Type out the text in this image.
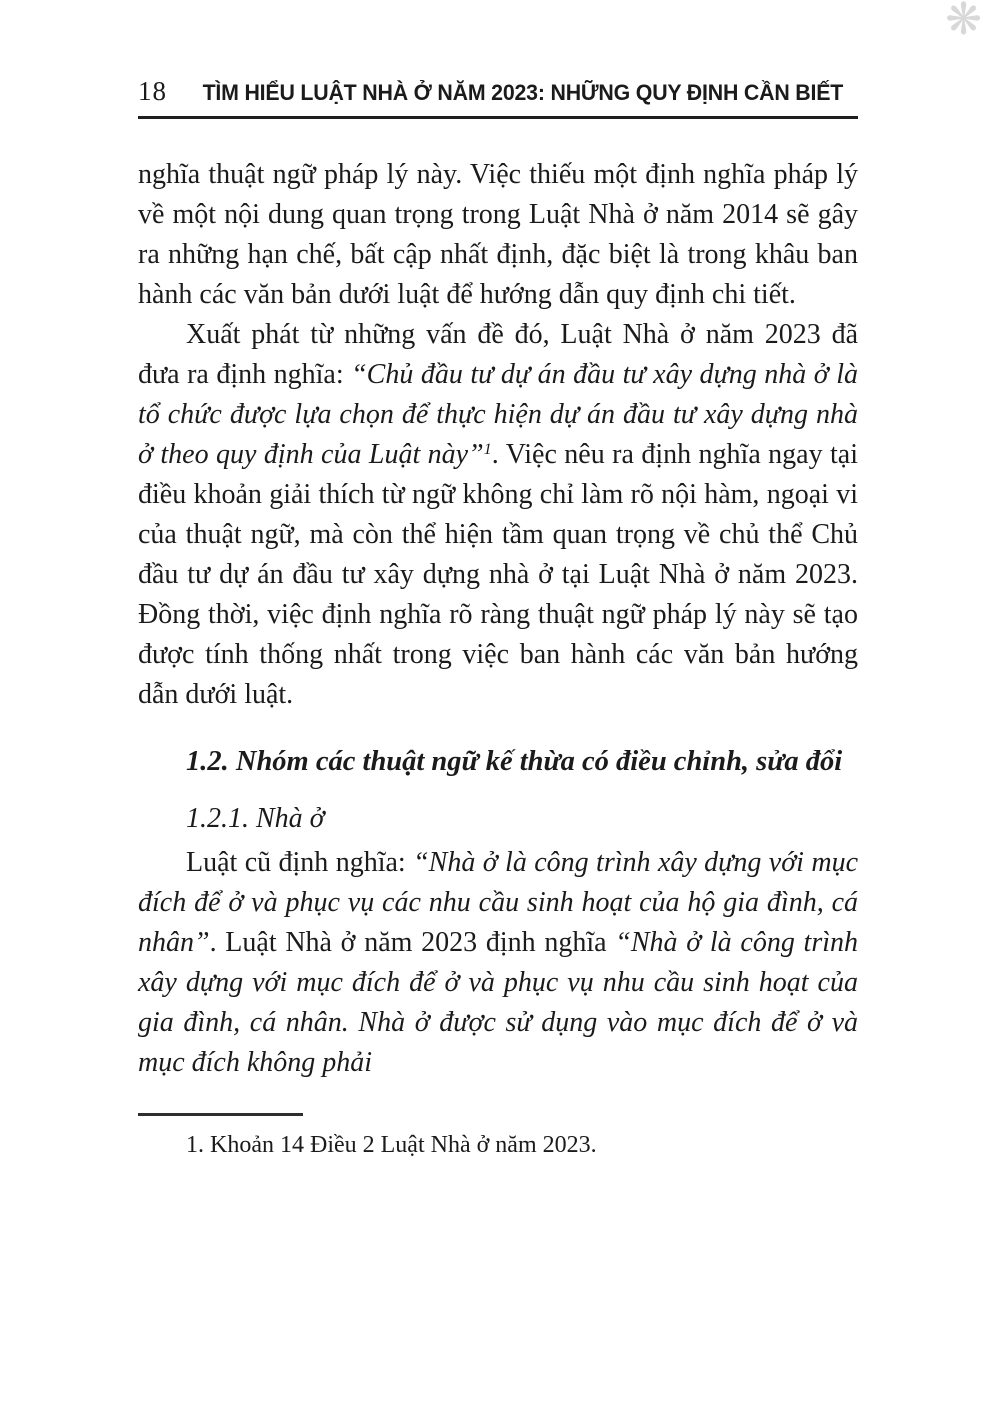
❋
18	TÌM HIỂU LUẬT NHÀ Ở NĂM 2023: NHỮNG QUY ĐỊNH CẦN BIẾT

nghĩa thuật ngữ pháp lý này. Việc thiếu một định nghĩa pháp lý về một nội dung quan trọng trong Luật Nhà ở năm 2014 sẽ gây ra những hạn chế, bất cập nhất định, đặc biệt là trong khâu ban hành các văn bản dưới luật để hướng dẫn quy định chi tiết.

Xuất phát từ những vấn đề đó, Luật Nhà ở năm 2023 đã đưa ra định nghĩa: “Chủ đầu tư dự án đầu tư xây dựng nhà ở là tổ chức được lựa chọn để thực hiện dự án đầu tư xây dựng nhà ở theo quy định của Luật này”$^1$. Việc nêu ra định nghĩa ngay tại điều khoản giải thích từ ngữ không chỉ làm rõ nội hàm, ngoại vi của thuật ngữ, mà còn thể hiện tầm quan trọng về chủ thể Chủ đầu tư dự án đầu tư xây dựng nhà ở tại Luật Nhà ở năm 2023. Đồng thời, việc định nghĩa rõ ràng thuật ngữ pháp lý này sẽ tạo được tính thống nhất trong việc ban hành các văn bản hướng dẫn dưới luật.

1.2. Nhóm các thuật ngữ kế thừa có điều chỉnh, sửa đổi

1.2.1. Nhà ở

Luật cũ định nghĩa: “Nhà ở là công trình xây dựng với mục đích để ở và phục vụ các nhu cầu sinh hoạt của hộ gia đình, cá nhân”. Luật Nhà ở năm 2023 định nghĩa “Nhà ở là công trình xây dựng với mục đích để ở và phục vụ nhu cầu sinh hoạt của gia đình, cá nhân. Nhà ở được sử dụng vào mục đích để ở và mục đích không phải

1. Khoản 14 Điều 2 Luật Nhà ở năm 2023.
